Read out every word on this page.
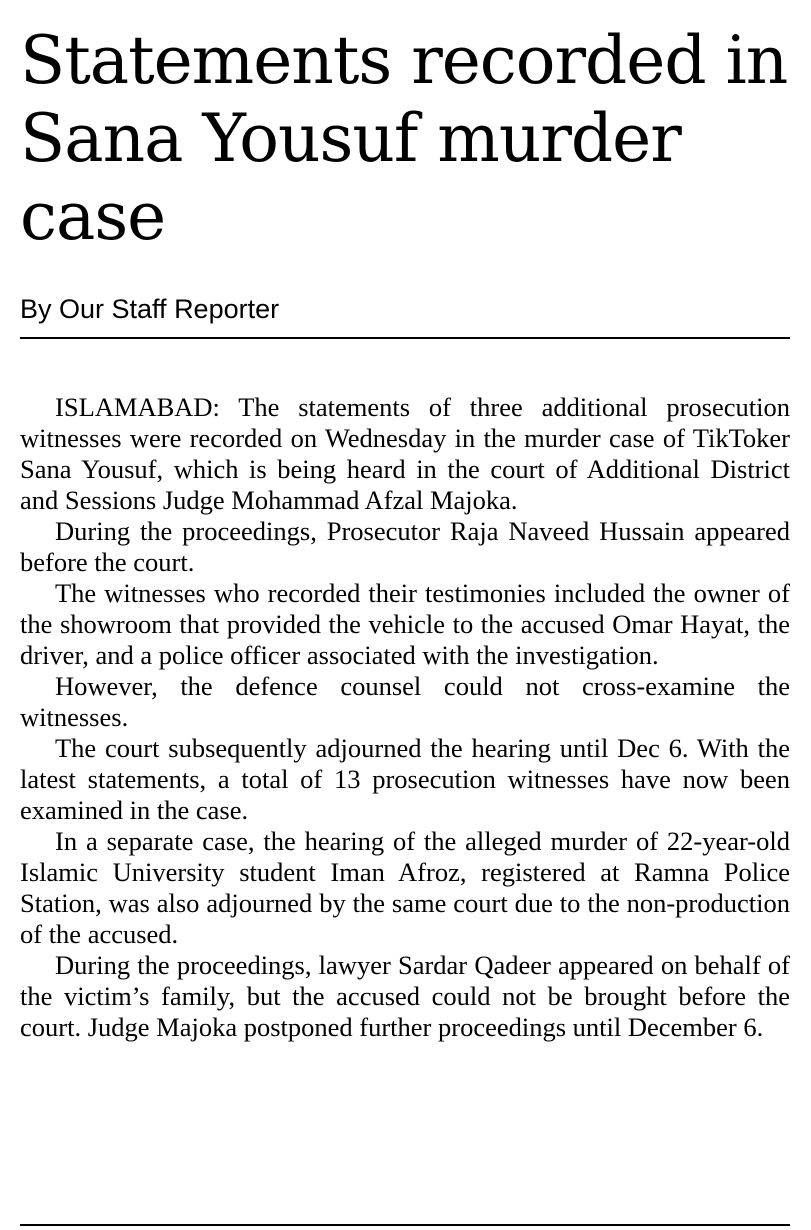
Statements recorded in Sana Yousuf murder case
By Our Staff Reporter

ISLAMABAD: The statements of three additional prosecution witnesses were recorded on Wednesday in the murder case of TikToker Sana Yousuf, which is being heard in the court of Additional District and Sessions Judge Mohammad Afzal Majoka.

During the proceedings, Prosecutor Raja Naveed Hussain appeared before the court.

The witnesses who recorded their testimonies included the owner of the showroom that provided the vehicle to the accused Omar Hayat, the driver, and a police officer associated with the investigation.

However, the defence counsel could not cross-examine the witnesses.

The court subsequently adjourned the hearing until Dec 6. With the latest statements, a total of 13 prosecution witnesses have now been examined in the case.

In a separate case, the hearing of the alleged murder of 22-year-old Islamic University student Iman Afroz, registered at Ramna Police Station, was also adjourned by the same court due to the non-production of the accused.

During the proceedings, lawyer Sardar Qadeer appeared on behalf of the victim’s family, but the accused could not be brought before the court. Judge Majoka postponed further proceedings until December 6.
